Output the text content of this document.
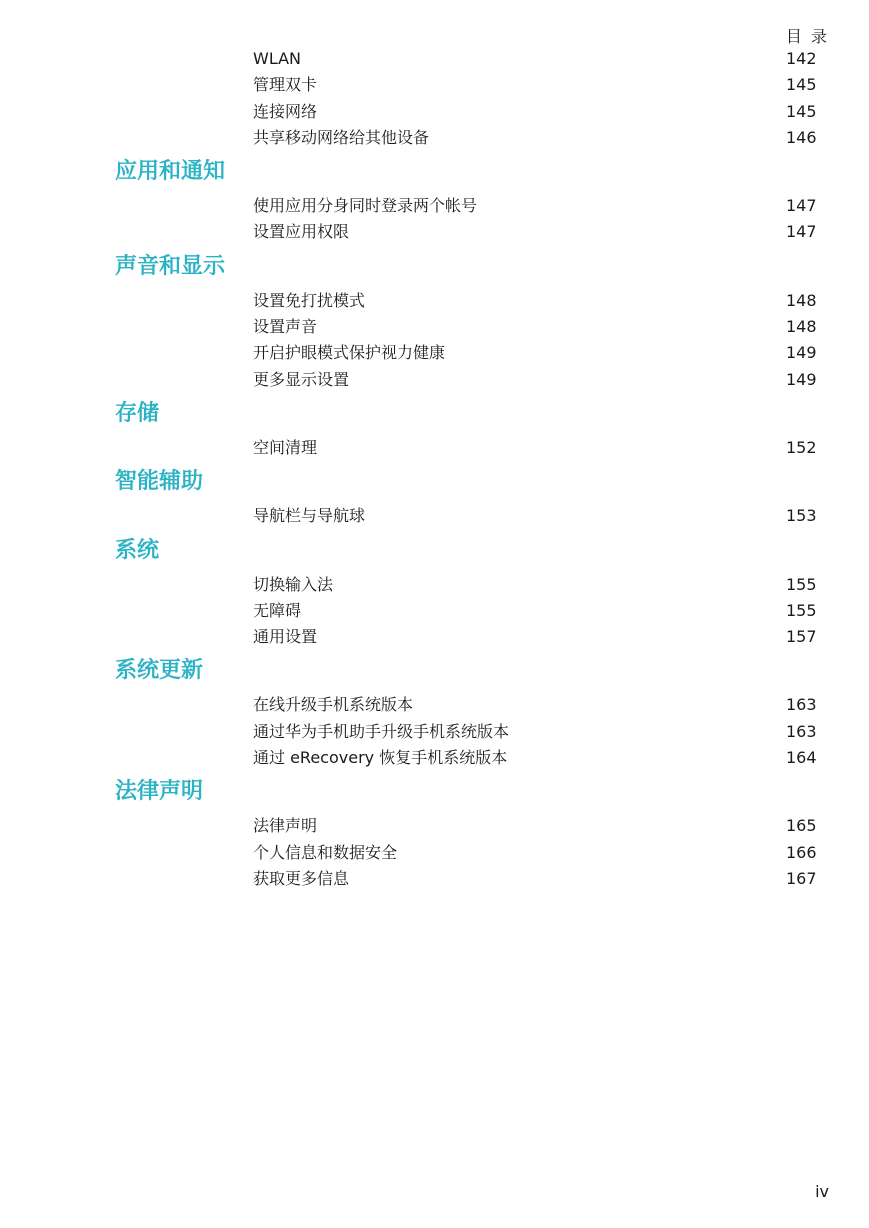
目 录
WLAN	142
管理双卡	145
连接网络	145
共享移动网络给其他设备	146
应用和通知
使用应用分身同时登录两个帐号	147
设置应用权限	147
声音和显示
设置免打扰模式	148
设置声音	148
开启护眼模式保护视力健康	149
更多显示设置	149
存储
空间清理	152
智能辅助
导航栏与导航球	153
系统
切换输入法	155
无障碍	155
通用设置	157
系统更新
在线升级手机系统版本	163
通过华为手机助手升级手机系统版本	163
通过 eRecovery 恢复手机系统版本	164
法律声明
法律声明	165
个人信息和数据安全	166
获取更多信息	167
iv
